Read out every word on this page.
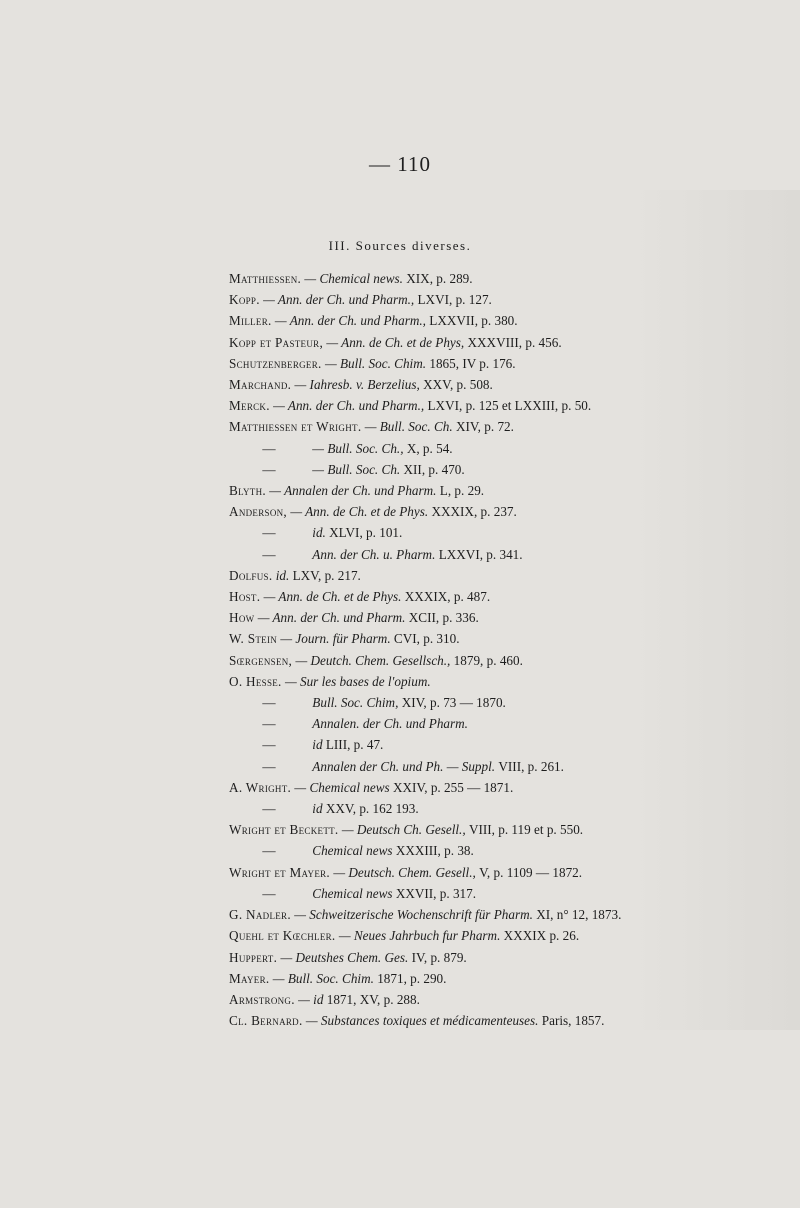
— 110
III. Sources diverses.
Matthiessen. — Chemical news. XIX, p. 289.
Kopp. — Ann. der Ch. und Pharm., LXVI, p. 127.
Miller. — Ann. der Ch. und Pharm., LXXVII, p. 380.
Kopp et Pasteur, — Ann. de Ch. et de Phys, XXXVIII, p. 456.
Schutzenberger. — Bull. Soc. Chim. 1865, IV p. 176.
Marchand. — Iahresb. v. Berzelius, XXV, p. 508.
Merck. — Ann. der Ch. und Pharm., LXVI, p. 125 et LXXIII, p. 50.
Matthiessen et Wright. — Bull. Soc. Ch. XIV, p. 72.
—	— Bull. Soc. Ch., X, p. 54.
—	— Bull. Soc. Ch. XII, p. 470.
Blyth. — Annalen der Ch. und Pharm. L, p. 29.
Anderson, — Ann. de Ch. et de Phys. XXXIX, p. 237.
—	id. XLVI, p. 101.
—	Ann. der Ch. u. Pharm. LXXVI, p. 341.
Dolfus. id. LXV, p. 217.
Host. — Ann. de Ch. et de Phys. XXXIX, p. 487.
How — Ann. der Ch. und Pharm. XCII, p. 336.
W. Stein — Journ. für Pharm. CVI, p. 310.
Sœrgensen, — Deutch. Chem. Gesellsch., 1879, p. 460.
O. Hesse. — Sur les bases de l'opium.
—	Bull. Soc. Chim, XIV, p. 73 — 1870.
—	Annalen. der Ch. und Pharm.
—	id LIII, p. 47.
—	Annalen der Ch. und Ph. — Suppl. VIII, p. 261.
A. Wright. — Chemical news XXIV, p. 255 — 1871.
—	id XXV, p. 162 193.
Wright et Beckett. — Deutsch Ch. Gesell., VIII, p. 119 et p. 550.
—	Chemical news XXXIII, p. 38.
Wright et Mayer. — Deutsch. Chem. Gesell., V, p. 1109 — 1872.
—	Chemical news XXVII, p. 317.
G. Nadler. — Schweitzerische Wochenschrift für Pharm. XI, n° 12, 1873.
Quehl et Kœchler. — Neues Jahrbuch fur Pharm. XXXIX p. 26.
Huppert. — Deutshes Chem. Ges. IV, p. 879.
Mayer. — Bull. Soc. Chim. 1871, p. 290.
Armstrong. — id 1871, XV, p. 288.
Cl. Bernard. — Substances toxiques et médicamenteuses. Paris, 1857.
